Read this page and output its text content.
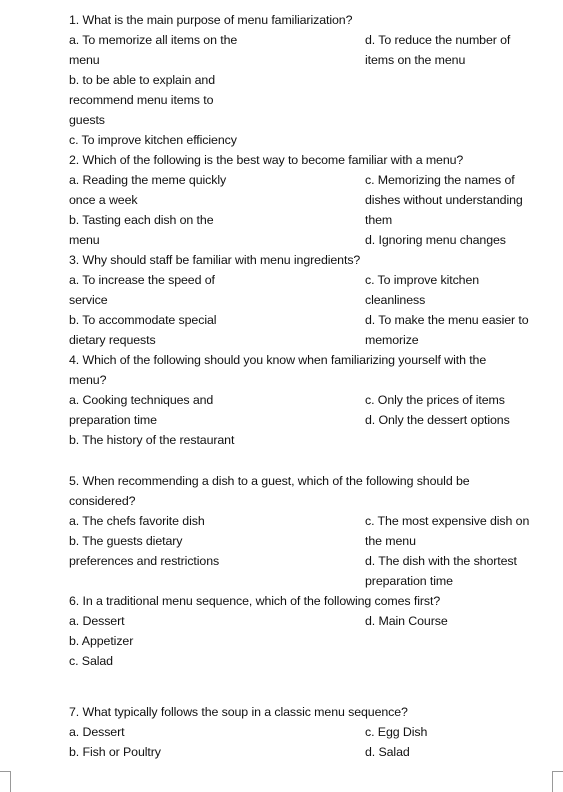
1. What is the main purpose of menu familiarization?
a. To memorize all items on the	d. To reduce the number of
menu	items on the menu
b. to be able to explain and
recommend menu items to
guests
c. To improve kitchen efficiency
2. Which of the following is the best way to become familiar with a menu?
a. Reading the meme quickly	c. Memorizing the names of
once a week	dishes without understanding
b. Tasting each dish on the	them
menu	d. Ignoring menu changes
3. Why should staff be familiar with menu ingredients?
a. To increase the speed of	c. To improve kitchen
service	cleanliness
b. To accommodate special	d. To make the menu easier to
dietary requests	memorize
4. Which of the following should you know when familiarizing yourself with the
menu?
a. Cooking techniques and	c. Only the prices of items
preparation time	d. Only the dessert options
b. The history of the restaurant
5. When recommending a dish to a guest, which of the following should be
considered?
a. The chefs favorite dish	c. The most expensive dish on
b. The guests dietary	the menu
preferences and restrictions	d. The dish with the shortest
preparation time
6. In a traditional menu sequence, which of the following comes first?
a. Dessert	d. Main Course
b. Appetizer
c. Salad
7. What typically follows the soup in a classic menu sequence?
a. Dessert	c. Egg Dish
b. Fish or Poultry	d. Salad
